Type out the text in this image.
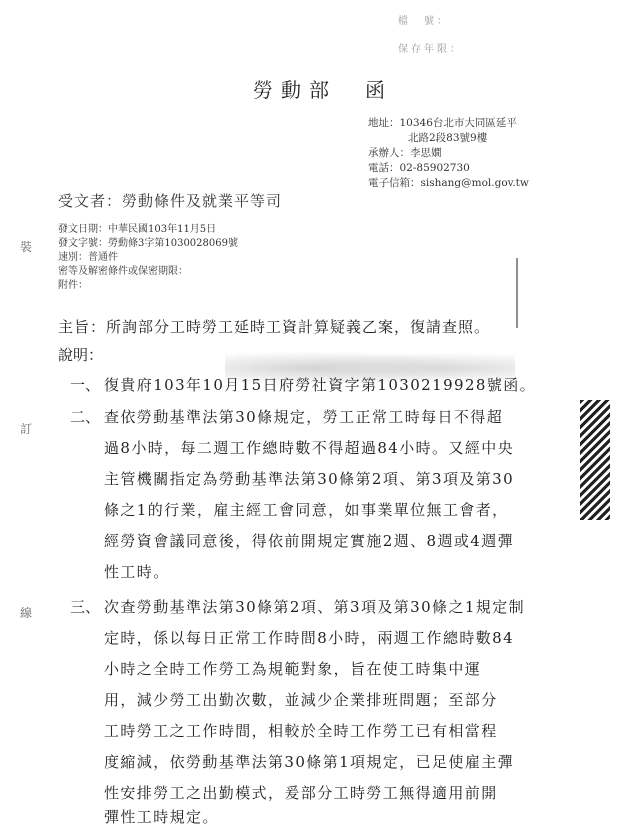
檔　號：
保存年限：
勞動部　函
地址：10346台北市大同區延平
北路2段83號9樓
承辦人：李思嫺
電話：02-85902730
電子信箱：sishang@mol.gov.tw
受文者：勞動條件及就業平等司
發文日期：中華民國103年11月5日
發文字號：勞動條3字第1030028069號
速別：普通件
密等及解密條件或保密期限：
附件：
主旨：所詢部分工時勞工延時工資計算疑義乙案，復請查照。
說明：
一、 復貴府103年10月15日府勞社資字第1030219928號函。
二、 查依勞動基準法第30條規定，勞工正常工時每日不得超
過8小時，每二週工作總時數不得超過84小時。又經中央
主管機關指定為勞動基準法第30條第2項、第3項及第30
條之1的行業，雇主經工會同意，如事業單位無工會者，
經勞資會議同意後，得依前開規定實施2週、8週或4週彈
性工時。
三、 次查勞動基準法第30條第2項、第3項及第30條之1規定制
定時，係以每日正常工作時間8小時，兩週工作總時數84
小時之全時工作勞工為規範對象，旨在使工時集中運
用，減少勞工出勤次數，並減少企業排班問題；至部分
工時勞工之工作時間，相較於全時工作勞工已有相當程
度縮減，依勞動基準法第30條第1項規定，已足使雇主彈
性安排勞工之出勤模式，爰部分工時勞工無得適用前開
彈性工時規定。
裝
訂
線
